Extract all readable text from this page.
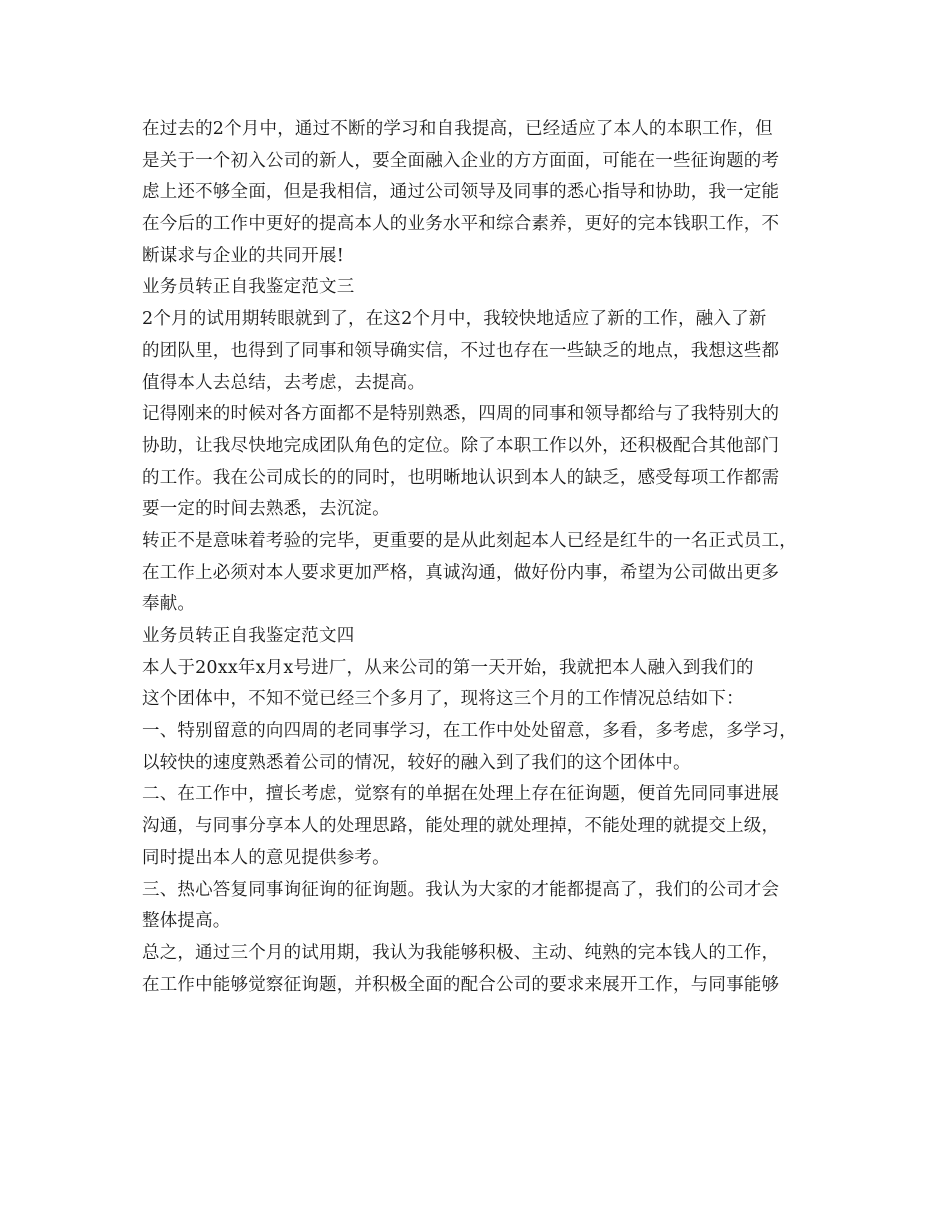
在过去的2个月中，通过不断的学习和自我提高，已经适应了本人的本职工作，但
是关于一个初入公司的新人，要全面融入企业的方方面面，可能在一些征询题的考
虑上还不够全面，但是我相信，通过公司领导及同事的悉心指导和协助，我一定能
在今后的工作中更好的提高本人的业务水平和综合素养，更好的完本钱职工作，不
断谋求与企业的共同开展!
业务员转正自我鉴定范文三
2个月的试用期转眼就到了，在这2个月中，我较快地适应了新的工作，融入了新
的团队里，也得到了同事和领导确实信，不过也存在一些缺乏的地点，我想这些都
值得本人去总结，去考虑，去提高。
记得刚来的时候对各方面都不是特别熟悉，四周的同事和领导都给与了我特别大的
协助，让我尽快地完成团队角色的定位。除了本职工作以外，还积极配合其他部门
的工作。我在公司成长的的同时，也明晰地认识到本人的缺乏，感受每项工作都需
要一定的时间去熟悉，去沉淀。
转正不是意味着考验的完毕，更重要的是从此刻起本人已经是红牛的一名正式员工，
在工作上必须对本人要求更加严格，真诚沟通，做好份内事，希望为公司做出更多
奉献。
业务员转正自我鉴定范文四
本人于20xx年x月x号进厂，从来公司的第一天开始，我就把本人融入到我们的
这个团体中，不知不觉已经三个多月了，现将这三个月的工作情况总结如下：
一、特别留意的向四周的老同事学习，在工作中处处留意，多看，多考虑，多学习，
以较快的速度熟悉着公司的情况，较好的融入到了我们的这个团体中。
二、在工作中，擅长考虑，觉察有的单据在处理上存在征询题，便首先同同事进展
沟通，与同事分享本人的处理思路，能处理的就处理掉，不能处理的就提交上级，
同时提出本人的意见提供参考。
三、热心答复同事询征询的征询题。我认为大家的才能都提高了，我们的公司才会
整体提高。
总之，通过三个月的试用期，我认为我能够积极、主动、纯熟的完本钱人的工作，
在工作中能够觉察征询题，并积极全面的配合公司的要求来展开工作，与同事能够
